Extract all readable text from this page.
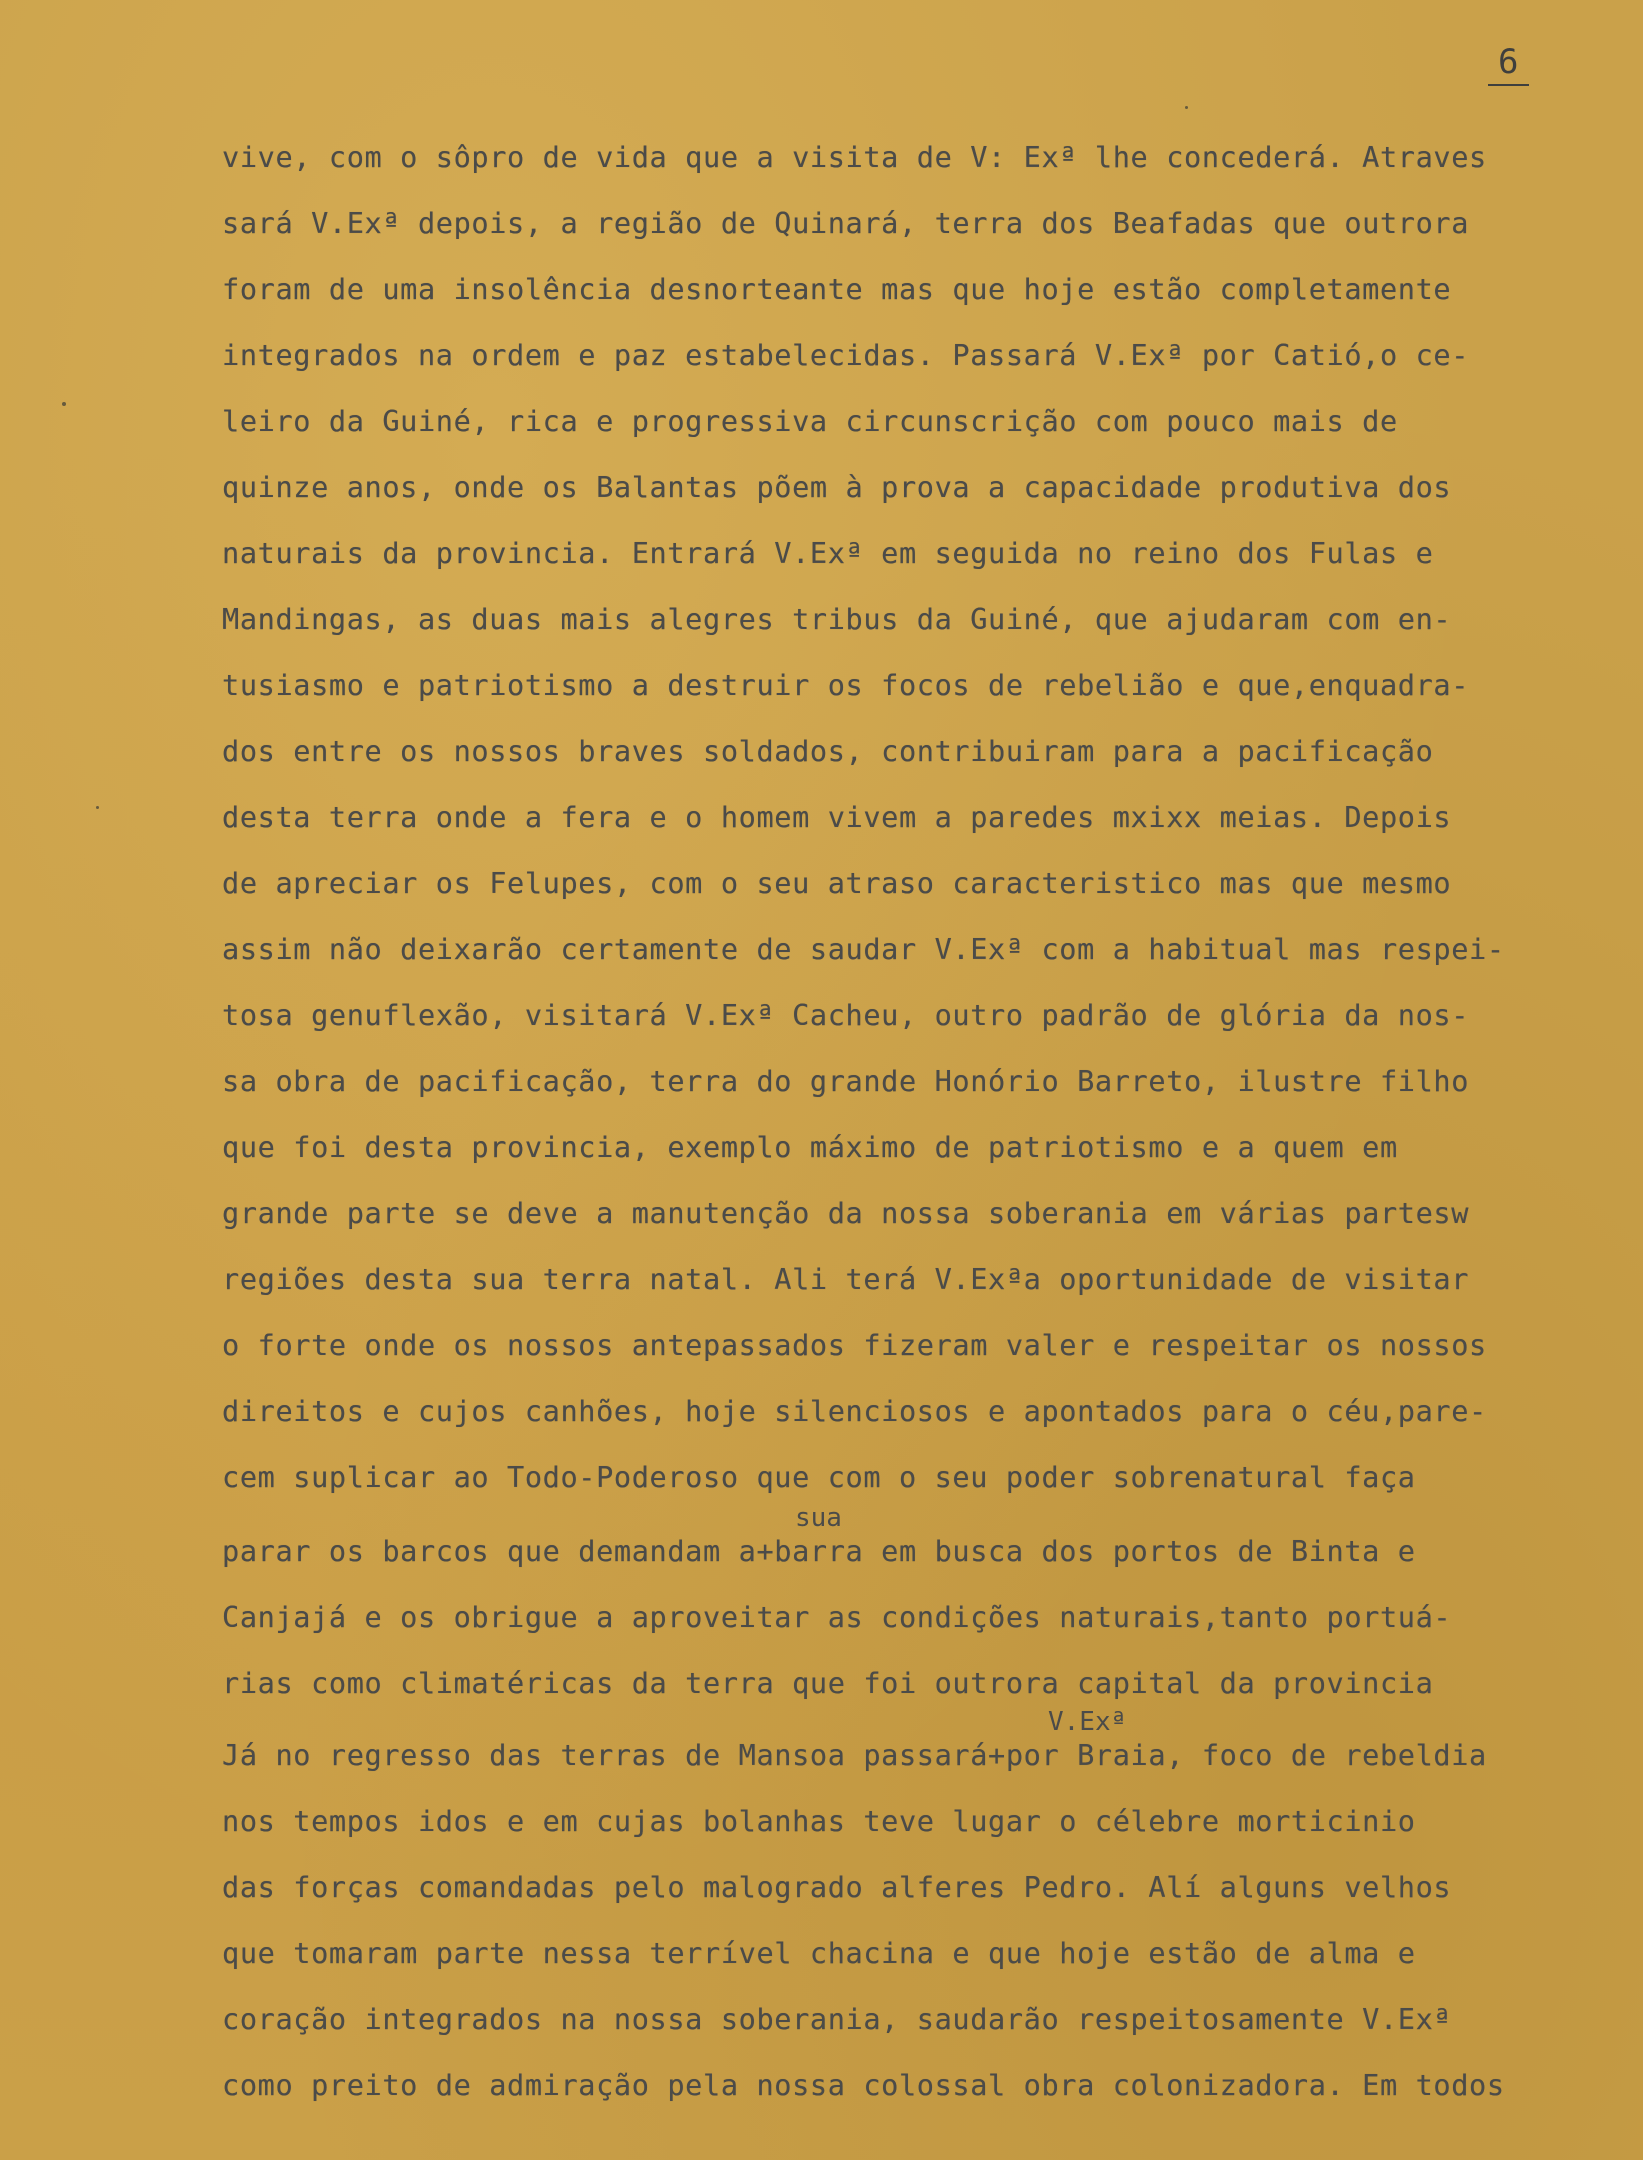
6
vive, com o sôpro de vida que a visita de V: Exª lhe concederá. Atraves
sará V.Exª depois, a região de Quinará, terra dos Beafadas que outrora
foram de uma insolência desnorteante mas que hoje estão completamente
integrados na ordem e paz estabelecidas. Passará V.Exª por Catió,o ce-
leiro da Guiné, rica e progressiva circunscrição com pouco mais de
quinze anos, onde os Balantas põem à prova a capacidade produtiva dos
naturais da provincia. Entrará V.Exª em seguida no reino dos Fulas e
Mandingas, as duas mais alegres tribus da Guiné, que ajudaram com en-
tusiasmo e patriotismo a destruir os focos de rebelião e que,enquadra-
dos entre os nossos braves soldados, contribuiram para a pacificação
desta terra onde a fera e o homem vivem a paredes mxixx meias. Depois
de apreciar os Felupes, com o seu atraso caracteristico mas que mesmo
assim não deixarão certamente de saudar V.Exª com a habitual mas respei-
tosa genuflexão, visitará V.Exª Cacheu, outro padrão de glória da nos-
sa obra de pacificação, terra do grande Honório Barreto, ilustre filho
que foi desta provincia, exemplo máximo de patriotismo e a quem em
grande parte se deve a manutenção da nossa soberania em várias partesw
regiões desta sua terra natal. Ali terá V.Exªa oportunidade de visitar
o forte onde os nossos antepassados fizeram valer e respeitar os nossos
direitos e cujos canhões, hoje silenciosos e apontados para o céu,pare-
cem suplicar ao Todo-Poderoso que com o seu poder sobrenatural faça
sua
parar os barcos que demandam a+barra em busca dos portos de Binta e
Canjajá e os obrigue a aproveitar as condições naturais,tanto portuá-
rias como climatéricas da terra que foi outrora capital da provincia
V.Exª
Já no regresso das terras de Mansoa passará+por Braia, foco de rebeldia
nos tempos idos e em cujas bolanhas teve lugar o célebre morticinio
das forças comandadas pelo malogrado alferes Pedro. Alí alguns velhos
que tomaram parte nessa terrível chacina e que hoje estão de alma e
coração integrados na nossa soberania, saudarão respeitosamente V.Exª
como preito de admiração pela nossa colossal obra colonizadora. Em todos
